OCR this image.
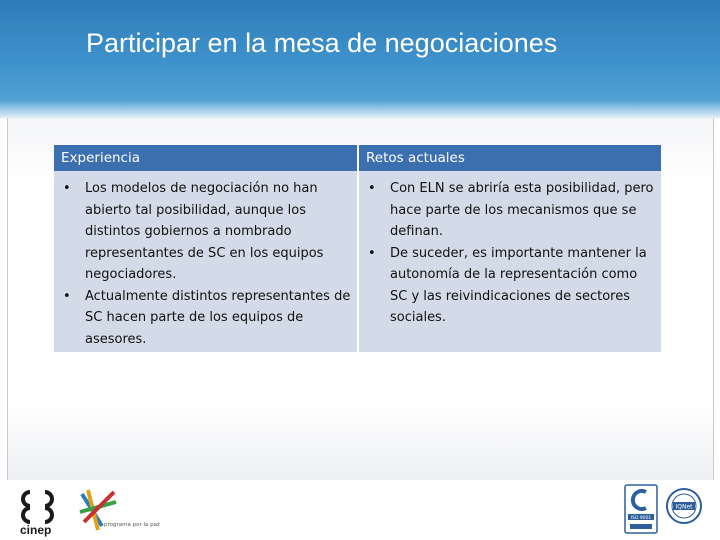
Participar en la mesa de negociaciones
Experiencia	Retos actuales
• Los modelos de negociación no han abierto tal posibilidad, aunque los distintos gobiernos a nombrado representantes de SC en los equipos negociadores.
• Actualmente distintos representantes de SC hacen parte de los equipos de asesores.
• Con ELN se abriría esta posibilidad, pero hace parte de los mecanismos que se definan.
• De suceder, es importante mantener la autonomía de la representación como SC y las reivindicaciones de sectores sociales.
cinep	programa por la paz
ISO 9001
IQNet
